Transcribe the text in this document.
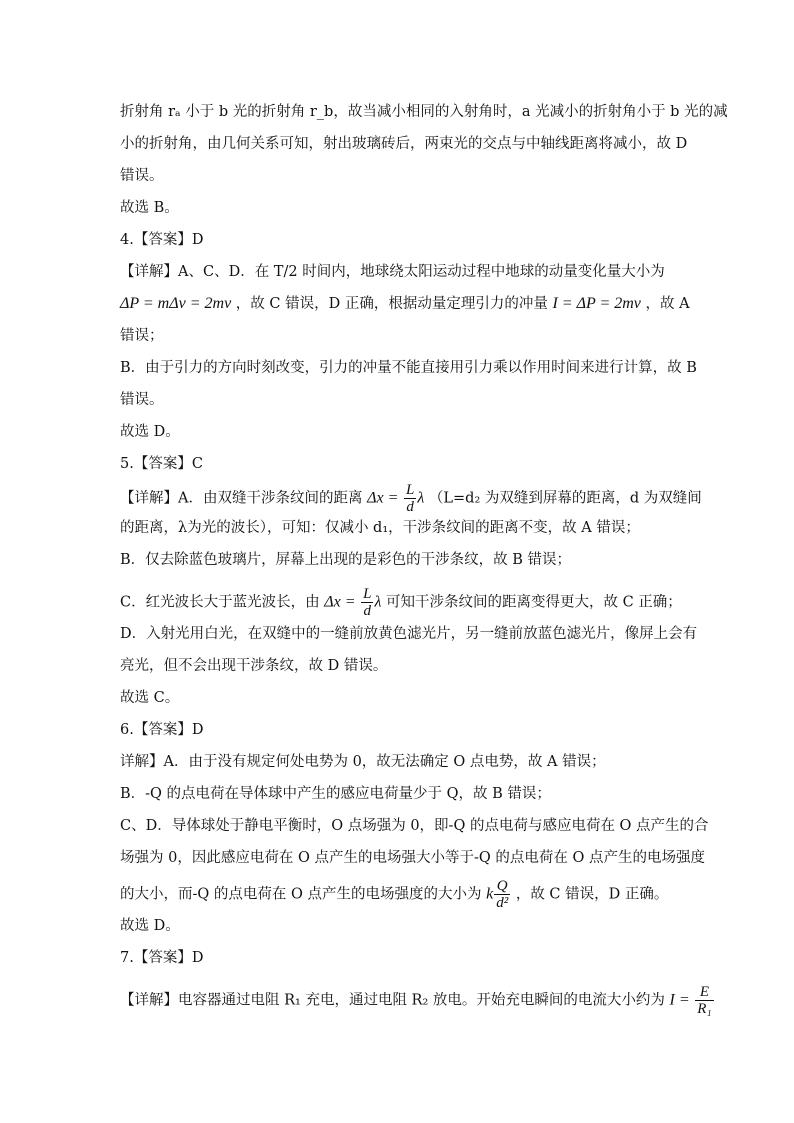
折射角 rₐ 小于 b 光的折射角 r_b，故当减小相同的入射角时，a 光减小的折射角小于 b 光的减
小的折射角，由几何关系可知，射出玻璃砖后，两束光的交点与中轴线距离将减小，故 D
错误。
故选 B。
4.【答案】D
【详解】A、C、D．在 T/2 时间内，地球绕太阳运动过程中地球的动量变化量大小为
ΔP = mΔv = 2mv ，故 C 错误，D 正确，根据动量定理引力的冲量 I = ΔP = 2mv ，故 A
错误；
B．由于引力的方向时刻改变，引力的冲量不能直接用引力乘以作用时间来进行计算，故 B
错误。
故选 D。
5.【答案】C
【详解】A．由双缝干涉条纹间的距离 $\Delta x = \frac{L}{d}$ λ （L=d₂ 为双缝到屏幕的距离，d 为双缝间
的距离，λ为光的波长），可知：仅减小 d₁，干涉条纹间的距离不变，故 A 错误；
B．仅去除蓝色玻璃片，屏幕上出现的是彩色的干涉条纹，故 B 错误；
C．红光波长大于蓝光波长，由 $\Delta x = \frac{L}{d}$ λ 可知干涉条纹间的距离变得更大，故 C 正确；
D．入射光用白光，在双缝中的一缝前放黄色滤光片，另一缝前放蓝色滤光片，像屏上会有
亮光，但不会出现干涉条纹，故 D 错误。
故选 C。
6.【答案】D
详解】A．由于没有规定何处电势为 0，故无法确定 O 点电势，故 A 错误；
B．-Q 的点电荷在导体球中产生的感应电荷量少于 Q，故 B 错误；
C、D．导体球处于静电平衡时，O 点场强为 0，即-Q 的点电荷与感应电荷在 O 点产生的合
场强为 0，因此感应电荷在 O 点产生的电场强大小等于-Q 的点电荷在 O 点产生的电场强度
的大小，而-Q 的点电荷在 O 点产生的电场强度的大小为 k $\frac{Q}{\text{d²}}$ ，故 C 错误，D 正确。
故选 D。
7.【答案】D
【详解】电容器通过电阻 R₁ 充电，通过电阻 R₂ 放电。开始充电瞬间的电流大小约为 $I = \frac{E}{\text{R₁}}$
